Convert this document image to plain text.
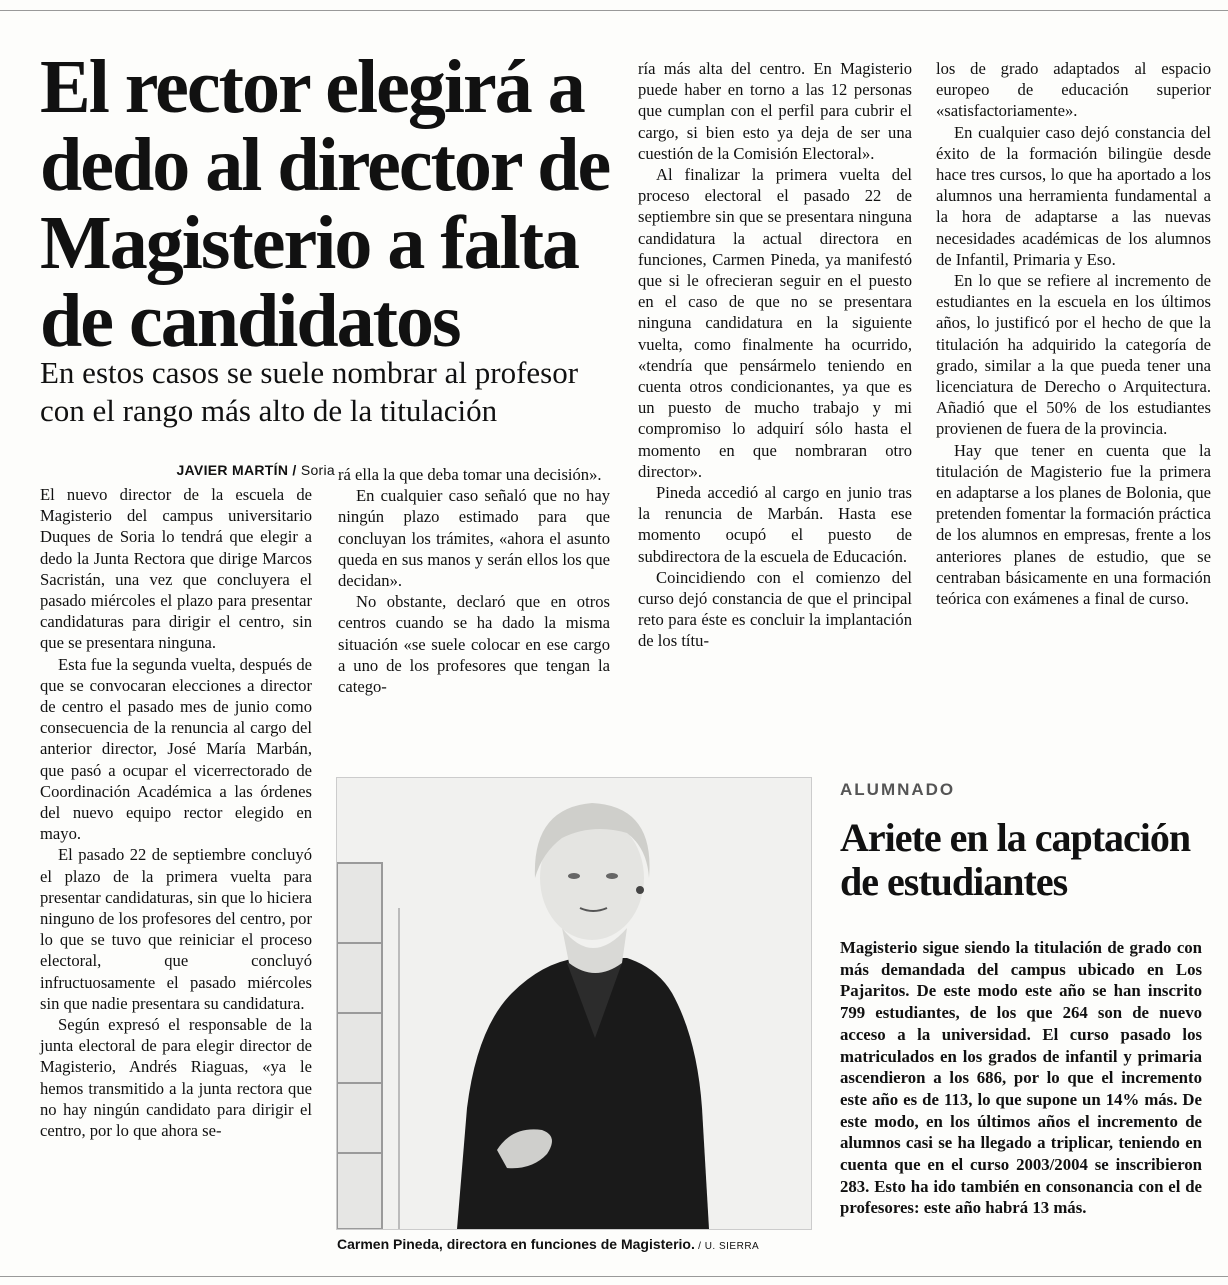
El rector elegirá a dedo al director de Magisterio a falta de candidatos
En estos casos se suele nombrar al profesor con el rango más alto de la titulación
JAVIER MARTÍN / Soria

El nuevo director de la escuela de Magisterio del campus universitario Duques de Soria lo tendrá que elegir a dedo la Junta Rectora que dirige Marcos Sacristán, una vez que concluyera el pasado miércoles el plazo para presentar candidaturas para dirigir el centro, sin que se presentara ninguna.

Esta fue la segunda vuelta, después de que se convocaran elecciones a director de centro el pasado mes de junio como consecuencia de la renuncia al cargo del anterior director, José María Marbán, que pasó a ocupar el vicerrectorado de Coordinación Académica a las órdenes del nuevo equipo rector elegido en mayo.

El pasado 22 de septiembre concluyó el plazo de la primera vuelta para presentar candidaturas, sin que lo hiciera ninguno de los profesores del centro, por lo que se tuvo que reiniciar el proceso electoral, que concluyó infructuosamente el pasado miércoles sin que nadie presentara su candidatura.

Según expresó el responsable de la junta electoral de para elegir director de Magisterio, Andrés Riaguas, «ya le hemos transmitido a la junta rectora que no hay ningún candidato para dirigir el centro, por lo que ahora se-

rá ella la que deba tomar una decisión».

En cualquier caso señaló que no hay ningún plazo estimado para que concluyan los trámites, «ahora el asunto queda en sus manos y serán ellos los que decidan».

No obstante, declaró que en otros centros cuando se ha dado la misma situación «se suele colocar en ese cargo a uno de los profesores que tengan la catego-

ría más alta del centro. En Magisterio puede haber en torno a las 12 personas que cumplan con el perfil para cubrir el cargo, si bien esto ya deja de ser una cuestión de la Comisión Electoral».

Al finalizar la primera vuelta del proceso electoral el pasado 22 de septiembre sin que se presentara ninguna candidatura la actual directora en funciones, Carmen Pineda, ya manifestó que si le ofrecieran seguir en el puesto en el caso de que no se presentara ninguna candidatura en la siguiente vuelta, como finalmente ha ocurrido, «tendría que pensármelo teniendo en cuenta otros condicionantes, ya que es un puesto de mucho trabajo y mi compromiso lo adquirí sólo hasta el momento en que nombraran otro director».

Pineda accedió al cargo en junio tras la renuncia de Marbán. Hasta ese momento ocupó el puesto de subdirectora de la escuela de Educación.

Coincidiendo con el comienzo del curso dejó constancia de que el principal reto para éste es concluir la implantación de los títu-

los de grado adaptados al espacio europeo de educación superior «satisfactoriamente».

En cualquier caso dejó constancia del éxito de la formación bilingüe desde hace tres cursos, lo que ha aportado a los alumnos una herramienta fundamental a la hora de adaptarse a las nuevas necesidades académicas de los alumnos de Infantil, Primaria y Eso.

En lo que se refiere al incremento de estudiantes en la escuela en los últimos años, lo justificó por el hecho de que la titulación ha adquirido la categoría de grado, similar a la que pueda tener una licenciatura de Derecho o Arquitectura. Añadió que el 50% de los estudiantes provienen de fuera de la provincia.

Hay que tener en cuenta que la titulación de Magisterio fue la primera en adaptarse a los planes de Bolonia, que pretenden fomentar la formación práctica de los alumnos en empresas, frente a los anteriores planes de estudio, que se centraban básicamente en una formación teórica con exámenes a final de curso.

Carmen Pineda, directora en funciones de Magisterio. / U. SIERRA
ALUMNADO
Ariete en la captación de estudiantes

Magisterio sigue siendo la titulación de grado con más demandada del campus ubicado en Los Pajaritos. De este modo este año se han inscrito 799 estudiantes, de los que 264 son de nuevo acceso a la universidad. El curso pasado los matriculados en los grados de infantil y primaria ascendieron a los 686, por lo que el incremento este año es de 113, lo que supone un 14% más. De este modo, en los últimos años el incremento de alumnos casi se ha llegado a triplicar, teniendo en cuenta que en el curso 2003/2004 se inscribieron 283. Esto ha ido también en consonancia con el de profesores: este año habrá 13 más.
